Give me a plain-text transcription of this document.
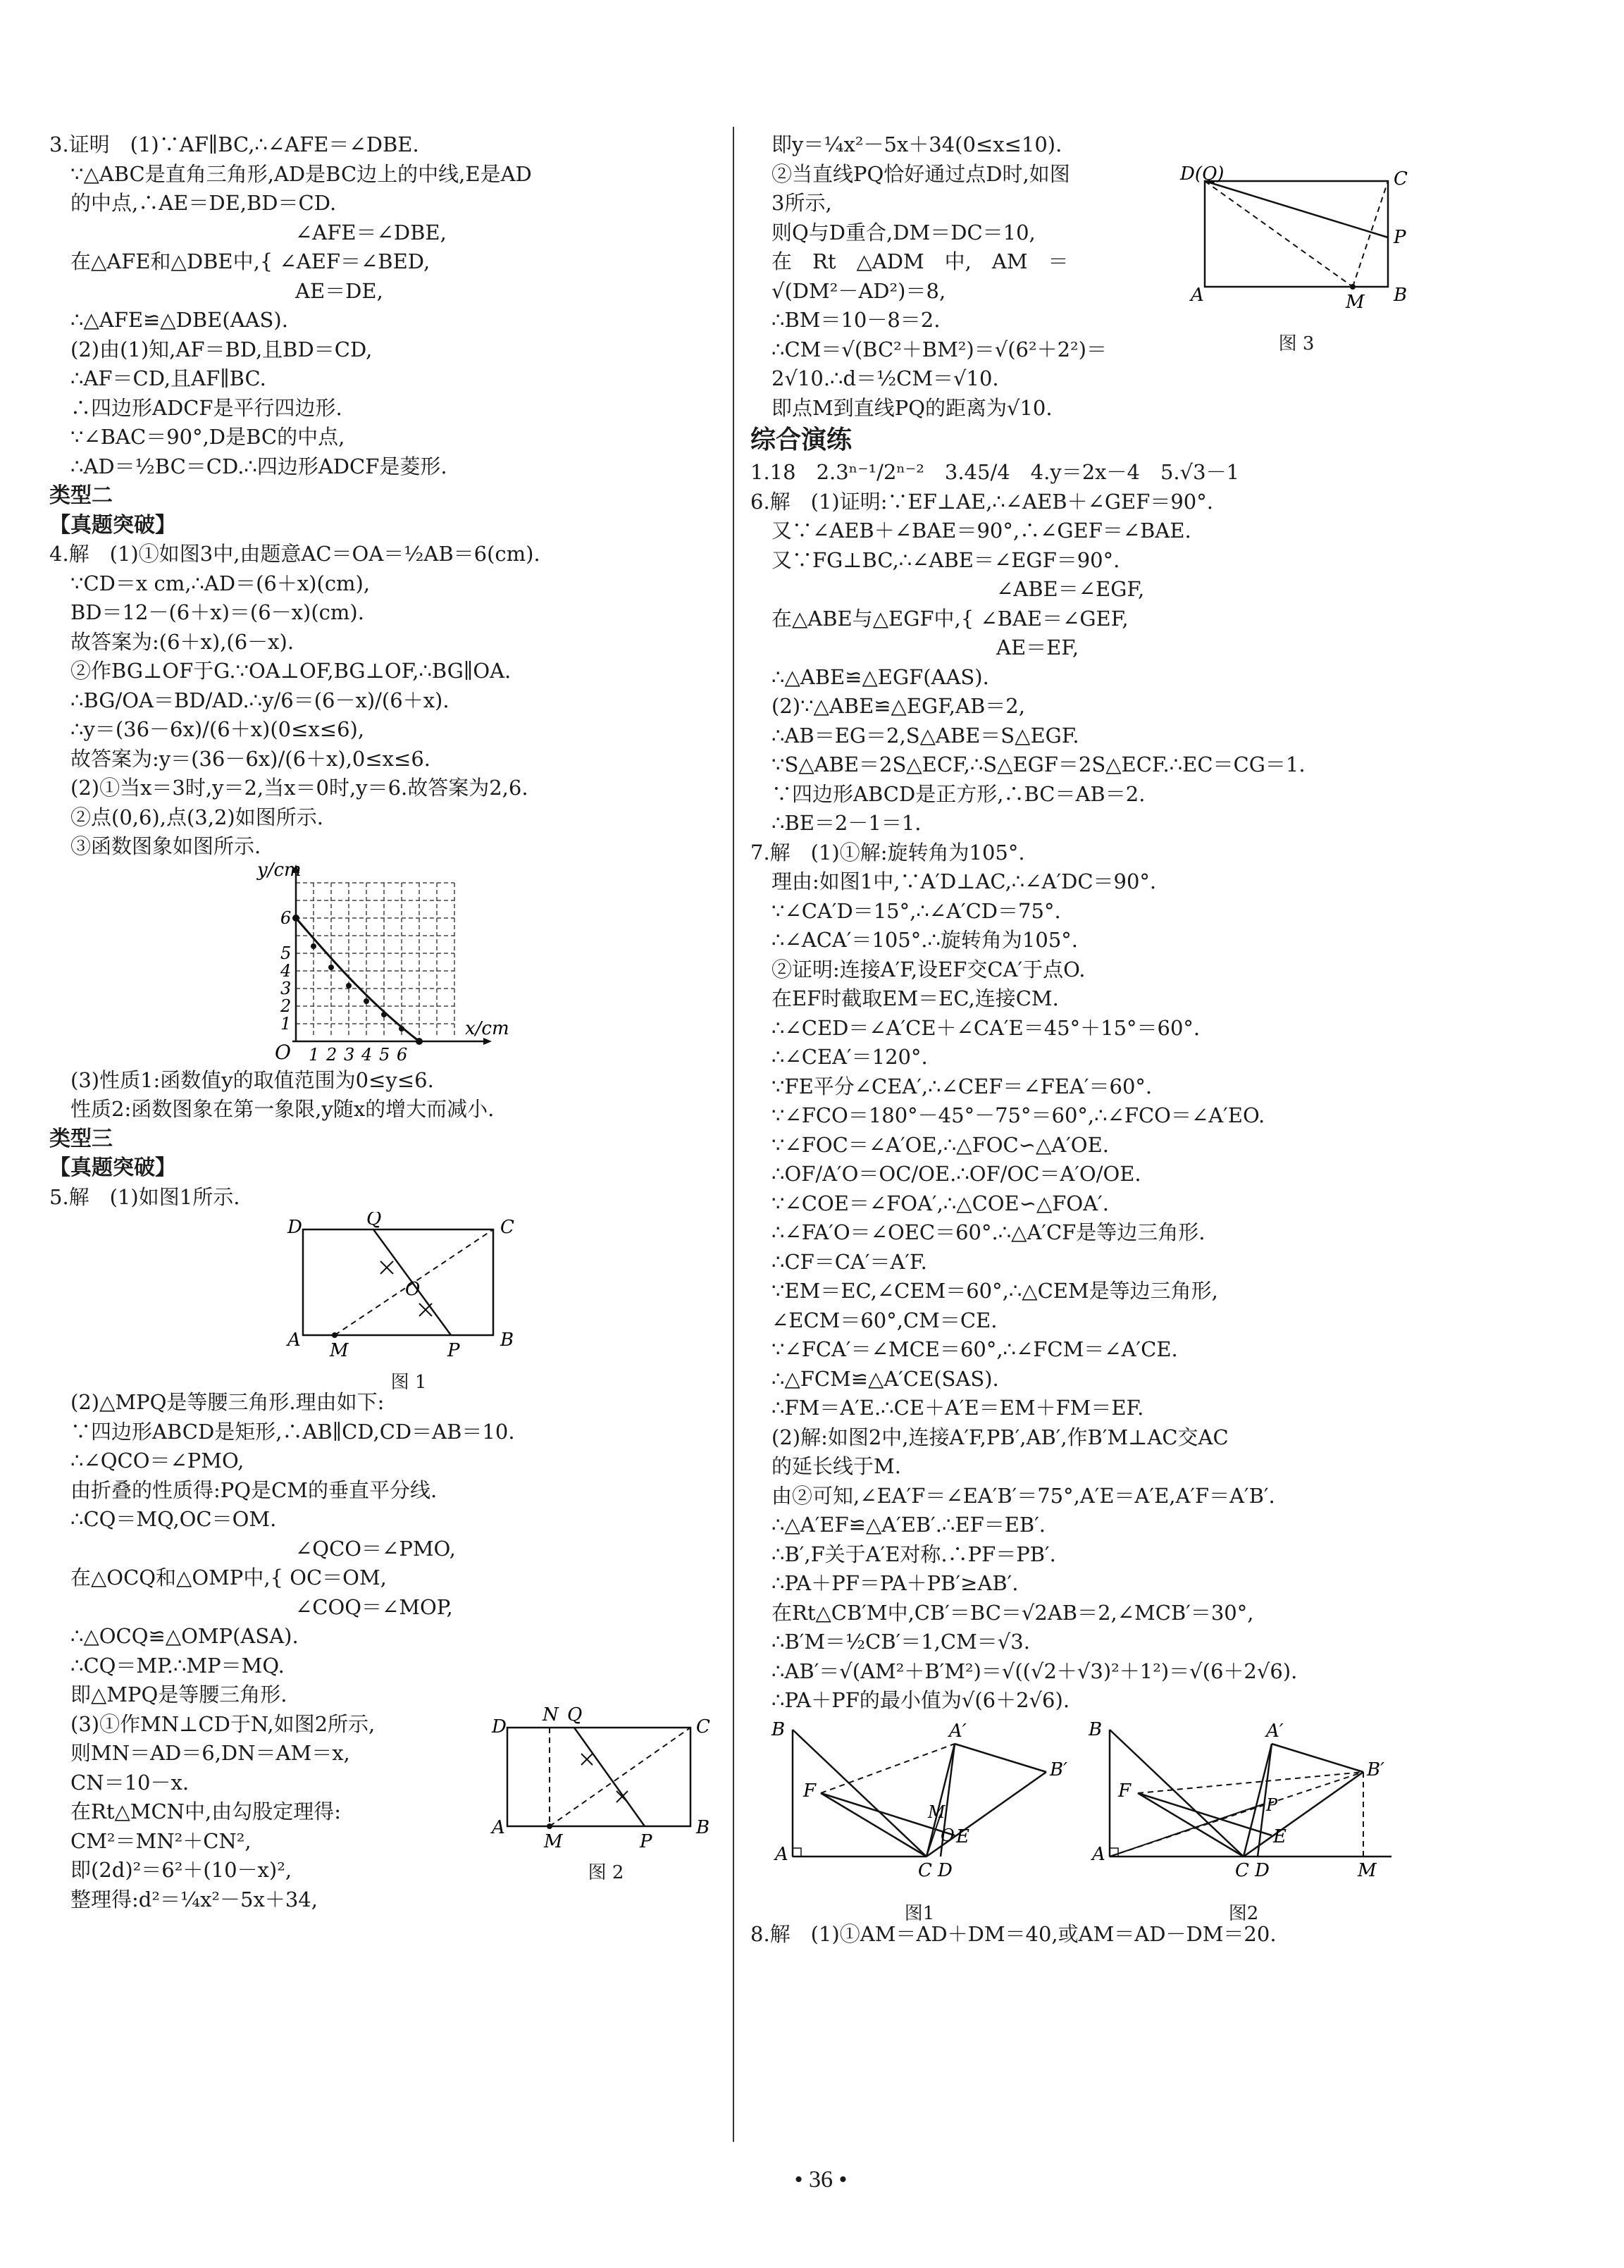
3.证明　(1)∵AF∥BC,∴∠AFE＝∠DBE.
∵△ABC是直角三角形,AD是BC边上的中线,E是AD
的中点,∴AE＝DE,BD＝CD.
　　　　　　　　　　　∠AFE＝∠DBE,
在△AFE和△DBE中,{ ∠AEF＝∠BED,
　　　　　　　　　　　AE＝DE,
∴△AFE≌△DBE(AAS).
(2)由(1)知,AF＝BD,且BD＝CD,
∴AF＝CD,且AF∥BC.
∴四边形ADCF是平行四边形.
∵∠BAC＝90°,D是BC的中点,
∴AD＝½BC＝CD.∴四边形ADCF是菱形.
类型二
【真题突破】
4.解　(1)①如图3中,由题意AC＝OA＝½AB＝6(cm).
∵CD＝x cm,∴AD＝(6＋x)(cm),
BD＝12－(6＋x)＝(6－x)(cm).
故答案为:(6＋x),(6－x).
②作BG⊥OF于G.∵OA⊥OF,BG⊥OF,∴BG∥OA.
∴BG/OA＝BD/AD.∴y/6＝(6－x)/(6＋x).
∴y＝(36－6x)/(6＋x)(0≤x≤6),
故答案为:y＝(36－6x)/(6＋x),0≤x≤6.
(2)①当x＝3时,y＝2,当x＝0时,y＝6.故答案为2,6.
②点(0,6),点(3,2)如图所示.
③函数图象如图所示.
y/cm
x/cm
O 1 2 3 4 5 6
1
2
3
4
5
6
(3)性质1:函数值y的取值范围为0≤y≤6.
性质2:函数图象在第一象限,y随x的增大而减小.
类型三
【真题突破】
5.解　(1)如图1所示.
D	Q	C
A M	P B
O
图 1
(2)△MPQ是等腰三角形.理由如下:
∵四边形ABCD是矩形,∴AB∥CD,CD＝AB＝10.
∴∠QCO＝∠PMO,
由折叠的性质得:PQ是CM的垂直平分线.
∴CQ＝MQ,OC＝OM.
　　　　　　　　　　　∠QCO＝∠PMO,
在△OCQ和△OMP中,{ OC＝OM,
　　　　　　　　　　　∠COQ＝∠MOP,
∴△OCQ≌△OMP(ASA).
∴CQ＝MP.∴MP＝MQ.
即△MPQ是等腰三角形.
(3)①作MN⊥CD于N,如图2所示,
则MN＝AD＝6,DN＝AM＝x,
CN＝10－x.
在Rt△MCN中,由勾股定理得:
CM²＝MN²＋CN²,
即(2d)²＝6²＋(10－x)²,
整理得:d²＝¼x²－5x＋34,
D
N Q
C
A
M	P
B
图 2
即y＝¼x²－5x＋34(0≤x≤10).
②当直线PQ恰好通过点D时,如图
3所示,
则Q与D重合,DM＝DC＝10,
在　Rt　△ADM　中,　AM　＝
√(DM²－AD²)＝8,
∴BM＝10－8＝2.
∴CM＝√(BC²＋BM²)＝√(6²＋2²)＝
2√10.∴d＝½CM＝√10.
D(Q)	C
P
A	M B
图 3
即点M到直线PQ的距离为√10.
综合演练
1.18　2.3ⁿ⁻¹/2ⁿ⁻²　3.45/4　4.y＝2x－4　5.√3－1
6.解　(1)证明:∵EF⊥AE,∴∠AEB＋∠GEF＝90°.
又∵∠AEB＋∠BAE＝90°,∴∠GEF＝∠BAE.
又∵FG⊥BC,∴∠ABE＝∠EGF＝90°.
　　　　　　　　　　　∠ABE＝∠EGF,
在△ABE与△EGF中,{ ∠BAE＝∠GEF,
　　　　　　　　　　　AE＝EF,
∴△ABE≌△EGF(AAS).
(2)∵△ABE≌△EGF,AB＝2,
∴AB＝EG＝2,S△ABE＝S△EGF.
∵S△ABE＝2S△ECF,∴S△EGF＝2S△ECF.∴EC＝CG＝1.
∵四边形ABCD是正方形,∴BC＝AB＝2.
∴BE＝2－1＝1.
7.解　(1)①解:旋转角为105°.
理由:如图1中,∵A′D⊥AC,∴∠A′DC＝90°.
∵∠CA′D＝15°,∴∠A′CD＝75°.
∴∠ACA′＝105°.∴旋转角为105°.
②证明:连接A′F,设EF交CA′于点O.
在EF时截取EM＝EC,连接CM.
∴∠CED＝∠A′CE＋∠CA′E＝45°＋15°＝60°.
∴∠CEA′＝120°.
∵FE平分∠CEA′,∴∠CEF＝∠FEA′＝60°.
∵∠FCO＝180°－45°－75°＝60°,∴∠FCO＝∠A′EO.
∵∠FOC＝∠A′OE,∴△FOC∽△A′OE.
∴OF/A′O＝OC/OE.∴OF/OC＝A′O/OE.
∵∠COE＝∠FOA′,∴△COE∽△FOA′.
∴∠FA′O＝∠OEC＝60°.∴△A′CF是等边三角形.
∴CF＝CA′＝A′F.
∵EM＝EC,∠CEM＝60°,∴△CEM是等边三角形,
∠ECM＝60°,CM＝CE.
∵∠FCA′＝∠MCE＝60°,∴∠FCM＝∠A′CE.
∴△FCM≌△A′CE(SAS).
∴FM＝A′E.∴CE＋A′E＝EM＋FM＝EF.
(2)解:如图2中,连接A′F,PB′,AB′,作B′M⊥AC交AC
的延长线于M.
由②可知,∠EA′F＝∠EA′B′＝75°,A′E＝A′E,A′F＝A′B′.
∴△A′EF≌△A′EB′.∴EF＝EB′.
∴B′,F关于A′E对称.∴PF＝PB′.
∴PA＋PF＝PA＋PB′≥AB′.
在Rt△CB′M中,CB′＝BC＝√2AB＝2,∠MCB′＝30°,
∴B′M＝½CB′＝1,CM＝√3.
∴AB′＝√(AM²＋B′M²)＝√((√2＋√3)²＋1²)＝√(6＋2√6).
∴PA＋PF的最小值为√(6＋2√6).
B	A′
B′
F
M
O E
A
C D
图1
B	A′
B′
F
P
E
A
C D	M
图2
8.解　(1)①AM＝AD＋DM＝40,或AM＝AD－DM＝20.
• 36 •
